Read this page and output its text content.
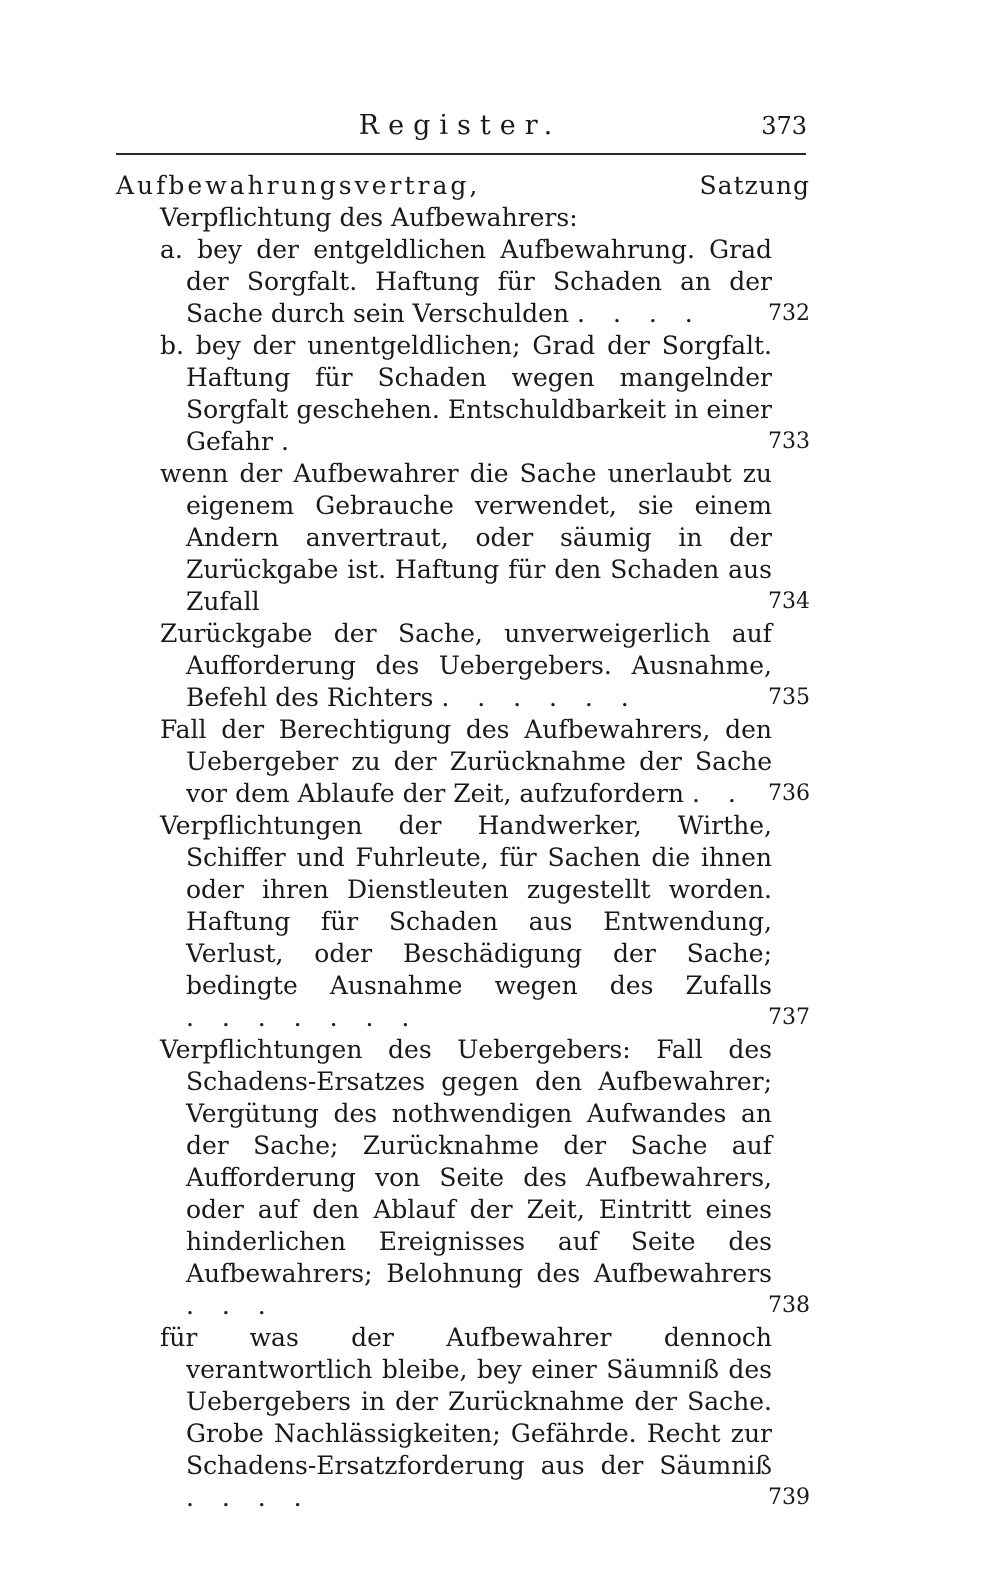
Register.	373
Aufbewahrungsvertrag,	Satzung
Verpflichtung des Aufbewahrers:
a. bey der entgeldlichen Aufbewahrung. Grad der Sorgfalt. Haftung für Schaden an der Sache durch sein Verschulden . . . .	732
b. bey der unentgeldlichen; Grad der Sorgfalt. Haftung für Schaden wegen mangelnder Sorgfalt geschehen. Entschuldbarkeit in einer Gefahr .	733
wenn der Aufbewahrer die Sache unerlaubt zu eigenem Gebrauche verwendet, sie einem Andern anvertraut, oder säumig in der Zurückgabe ist. Haftung für den Schaden aus Zufall	734
Zurückgabe der Sache, unverweigerlich auf Aufforderung des Uebergebers. Ausnahme, Befehl des Richters . . . . . .	735
Fall der Berechtigung des Aufbewahrers, den Uebergeber zu der Zurücknahme der Sache vor dem Ablaufe der Zeit, aufzufordern . . 736
Verpflichtungen der Handwerker, Wirthe, Schiffer und Fuhrleute, für Sachen die ihnen oder ihren Dienstleuten zugestellt worden. Haftung für Schaden aus Entwendung, Verlust, oder Beschädigung der Sache; bedingte Ausnahme wegen des Zufalls . . . . . . .	737
Verpflichtungen des Uebergebers: Fall des Schadens-Ersatzes gegen den Aufbewahrer; Vergütung des nothwendigen Aufwandes an der Sache; Zurücknahme der Sache auf Aufforderung von Seite des Aufbewahrers, oder auf den Ablauf der Zeit, Eintritt eines hinderlichen Ereignisses auf Seite des Aufbewahrers; Belohnung des Aufbewahrers . . .	738
für was der Aufbewahrer dennoch verantwortlich bleibe, bey einer Säumniß des Uebergebers in der Zurücknahme der Sache. Grobe Nachlässigkeiten; Gefährde. Recht zur Schadens-Ersatzforderung aus der Säumniß . . . .	739
